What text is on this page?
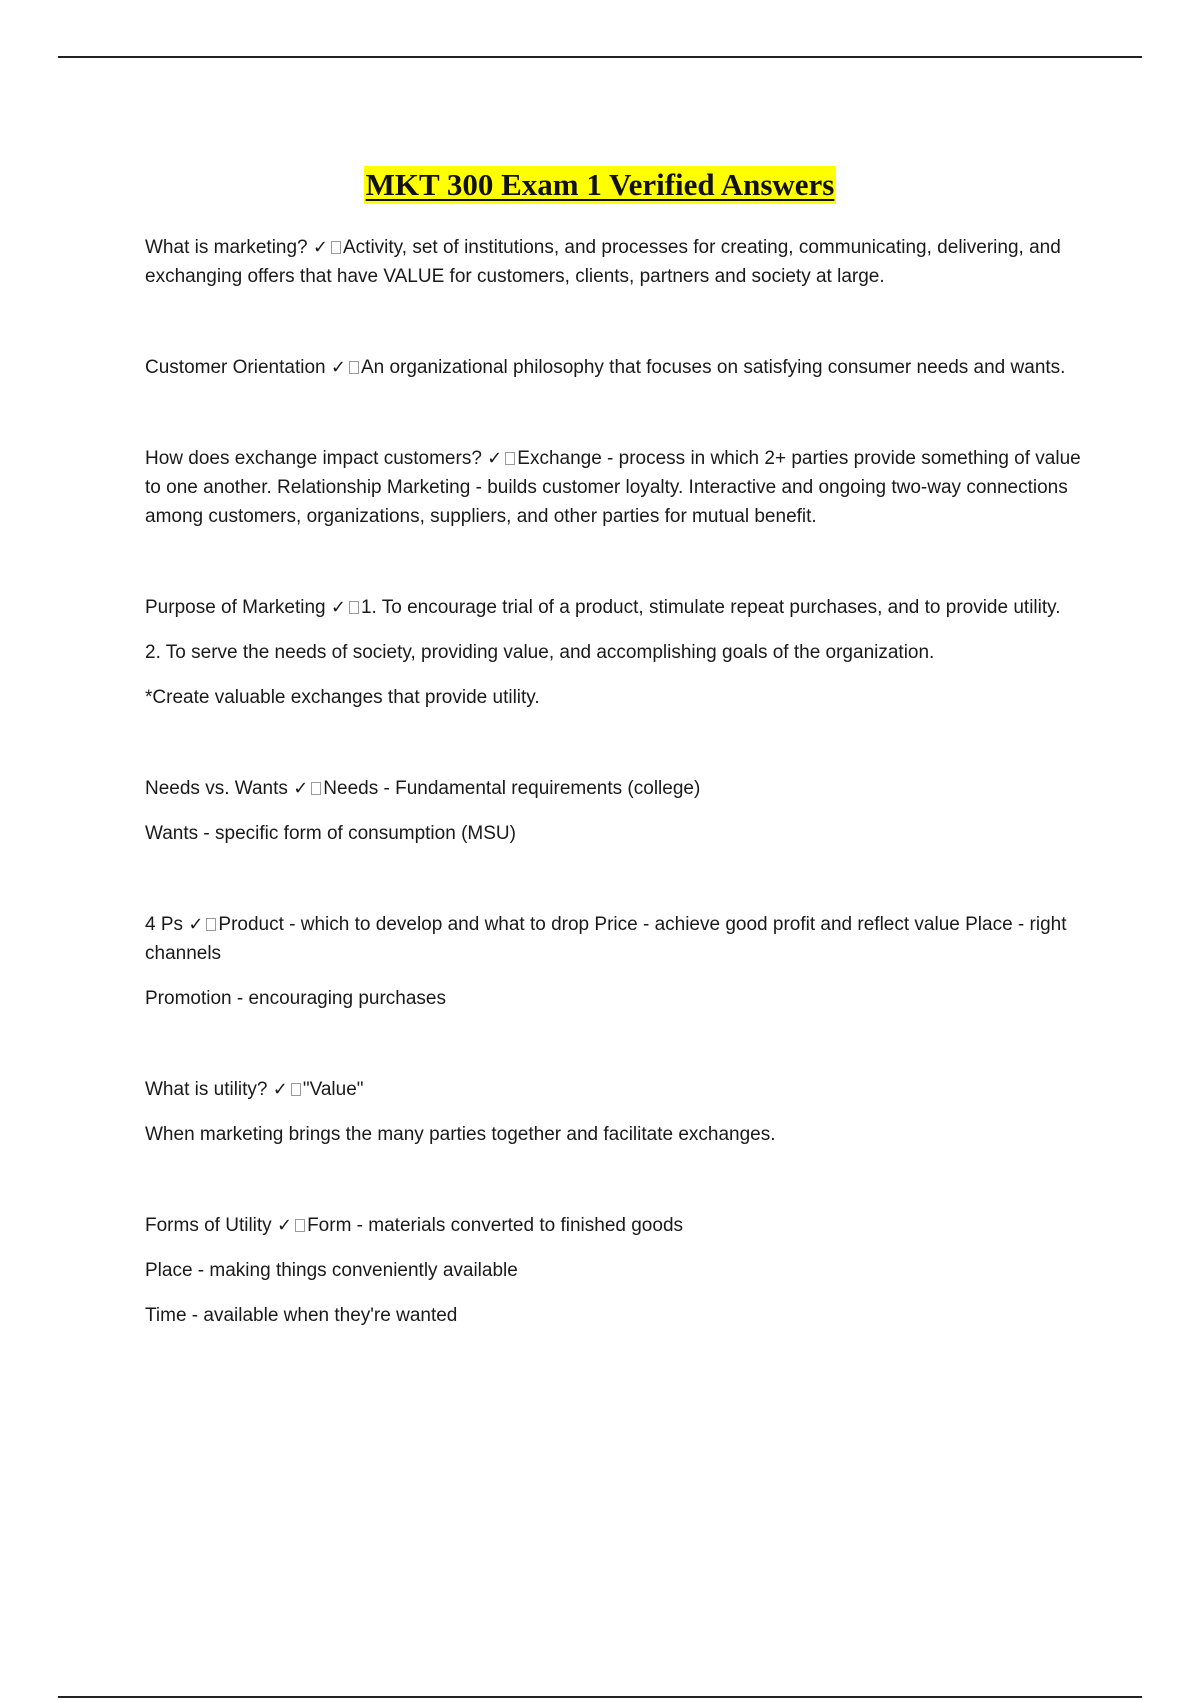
MKT 300 Exam 1 Verified Answers

What is marketing? ✓ Activity, set of institutions, and processes for creating, communicating, delivering, and exchanging offers that have VALUE for customers, clients, partners and society at large.

Customer Orientation ✓ An organizational philosophy that focuses on satisfying consumer needs and wants.

How does exchange impact customers? ✓ Exchange - process in which 2+ parties provide something of value to one another. Relationship Marketing - builds customer loyalty. Interactive and ongoing two-way connections among customers, organizations, suppliers, and other parties for mutual benefit.

Purpose of Marketing ✓ 1. To encourage trial of a product, stimulate repeat purchases, and to provide utility.

2. To serve the needs of society, providing value, and accomplishing goals of the organization.

*Create valuable exchanges that provide utility.

Needs vs. Wants ✓ Needs - Fundamental requirements (college)

Wants - specific form of consumption (MSU)

4 Ps ✓ Product - which to develop and what to drop Price - achieve good profit and reflect value Place - right channels

Promotion - encouraging purchases

What is utility? ✓ "Value"

When marketing brings the many parties together and facilitate exchanges.

Forms of Utility ✓ Form - materials converted to finished goods

Place - making things conveniently available

Time - available when they're wanted
